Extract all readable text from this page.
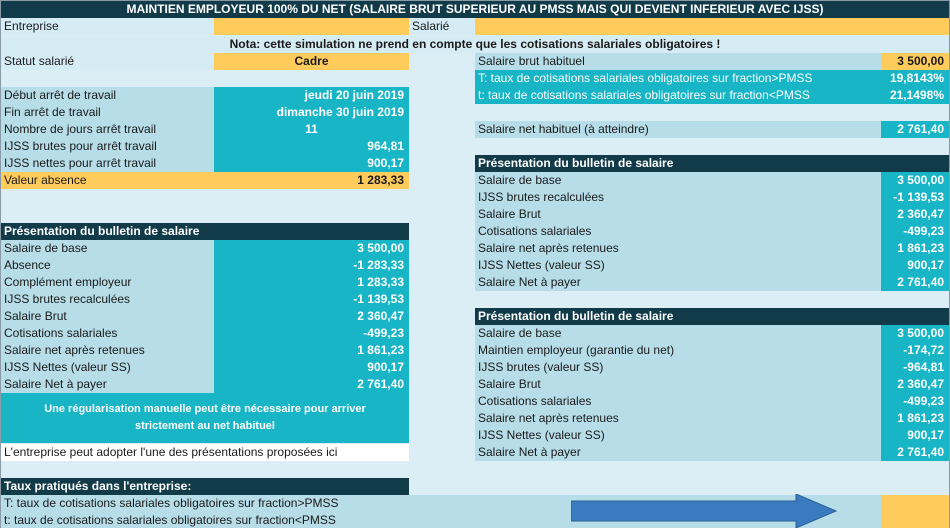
MAINTIEN EMPLOYEUR 100% DU NET (SALAIRE BRUT SUPERIEUR AU PMSS MAIS QUI DEVIENT INFERIEUR AVEC IJSS)
Entreprise	Salarié
Nota: cette simulation ne prend en compte que les cotisations salariales obligatoires !
Statut salarié	Cadre
Début arrêt de travail	jeudi 20 juin 2019
Fin arrêt de travail	dimanche 30 juin 2019
Nombre de jours arrêt travail	11
IJSS brutes pour arrêt travail	964,81
IJSS nettes pour arrêt travail	900,17
Valeur absence	1 283,33
Présentation du bulletin de salaire
Salaire de base	3 500,00
Absence	-1 283,33
Complément employeur	1 283,33
IJSS brutes recalculées	-1 139,53
Salaire Brut	2 360,47
Cotisations salariales	-499,23
Salaire net après retenues	1 861,23
IJSS Nettes (valeur SS)	900,17
Salaire Net à payer	2 761,40
Une régularisation manuelle peut être nécessaire pour arriver strictement au net habituel
L'entreprise peut adopter l'une des présentations proposées ici
Taux pratiqués dans l'entreprise:
T: taux de cotisations salariales obligatoires sur fraction>PMSS
t: taux de cotisations salariales obligatoires sur fraction<PMSS
Salaire brut habituel	3 500,00
T: taux de cotisations salariales obligatoires sur fraction>PMSS	19,8143%
t: taux de cotisations salariales obligatoires sur fraction<PMSS	21,1498%
Salaire net habituel (à atteindre)	2 761,40
Présentation du bulletin de salaire
Salaire de base	3 500,00
IJSS brutes recalculées	-1 139,53
Salaire Brut	2 360,47
Cotisations salariales	-499,23
Salaire net après retenues	1 861,23
IJSS Nettes (valeur SS)	900,17
Salaire Net à payer	2 761,40
Présentation du bulletin de salaire
Salaire de base	3 500,00
Maintien employeur (garantie du net)	-174,72
IJSS brutes (valeur SS)	-964,81
Salaire Brut	2 360,47
Cotisations salariales	-499,23
Salaire net après retenues	1 861,23
IJSS Nettes (valeur SS)	900,17
Salaire Net à payer	2 761,40
